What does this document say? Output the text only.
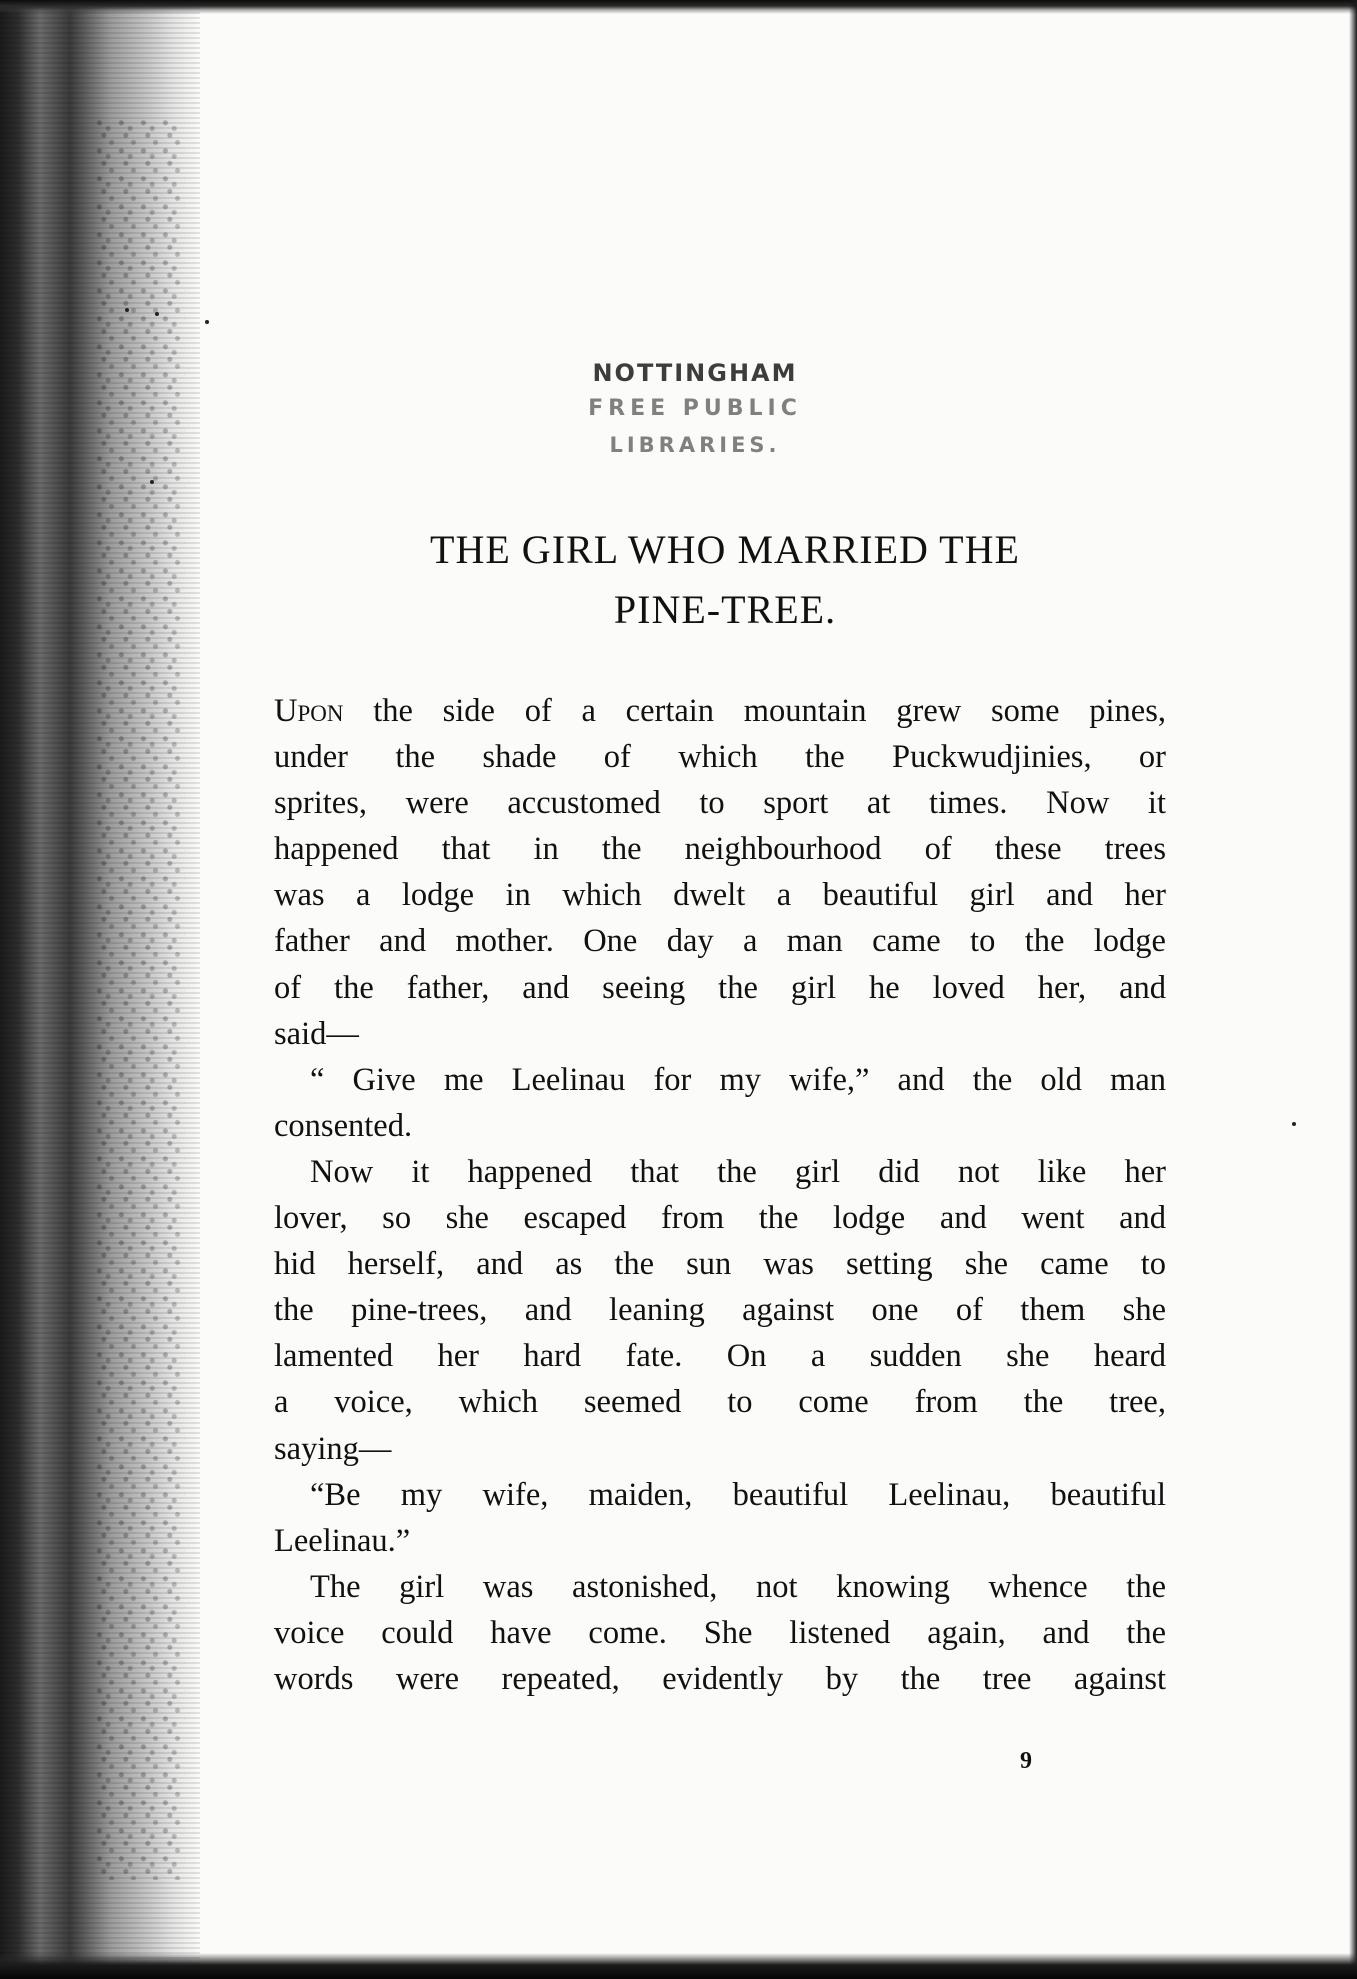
NOTTINGHAM
FREE PUBLIC
LIBRARIES.
THE GIRL WHO MARRIED THE
PINE-TREE.
Upon the side of a certain mountain grew some pines,
under the shade of which the Puckwudjinies, or
sprites, were accustomed to sport at times. Now it
happened that in the neighbourhood of these trees
was a lodge in which dwelt a beautiful girl and her
father and mother. One day a man came to the lodge
of the father, and seeing the girl he loved her, and
said—
“ Give me Leelinau for my wife,” and the old man
consented.
Now it happened that the girl did not like her
lover, so she escaped from the lodge and went and
hid herself, and as the sun was setting she came to
the pine-trees, and leaning against one of them she
lamented her hard fate. On a sudden she heard
a voice, which seemed to come from the tree,
saying—
“Be my wife, maiden, beautiful Leelinau, beautiful
Leelinau.”
The girl was astonished, not knowing whence the
voice could have come. She listened again, and the
words were repeated, evidently by the tree against
9
